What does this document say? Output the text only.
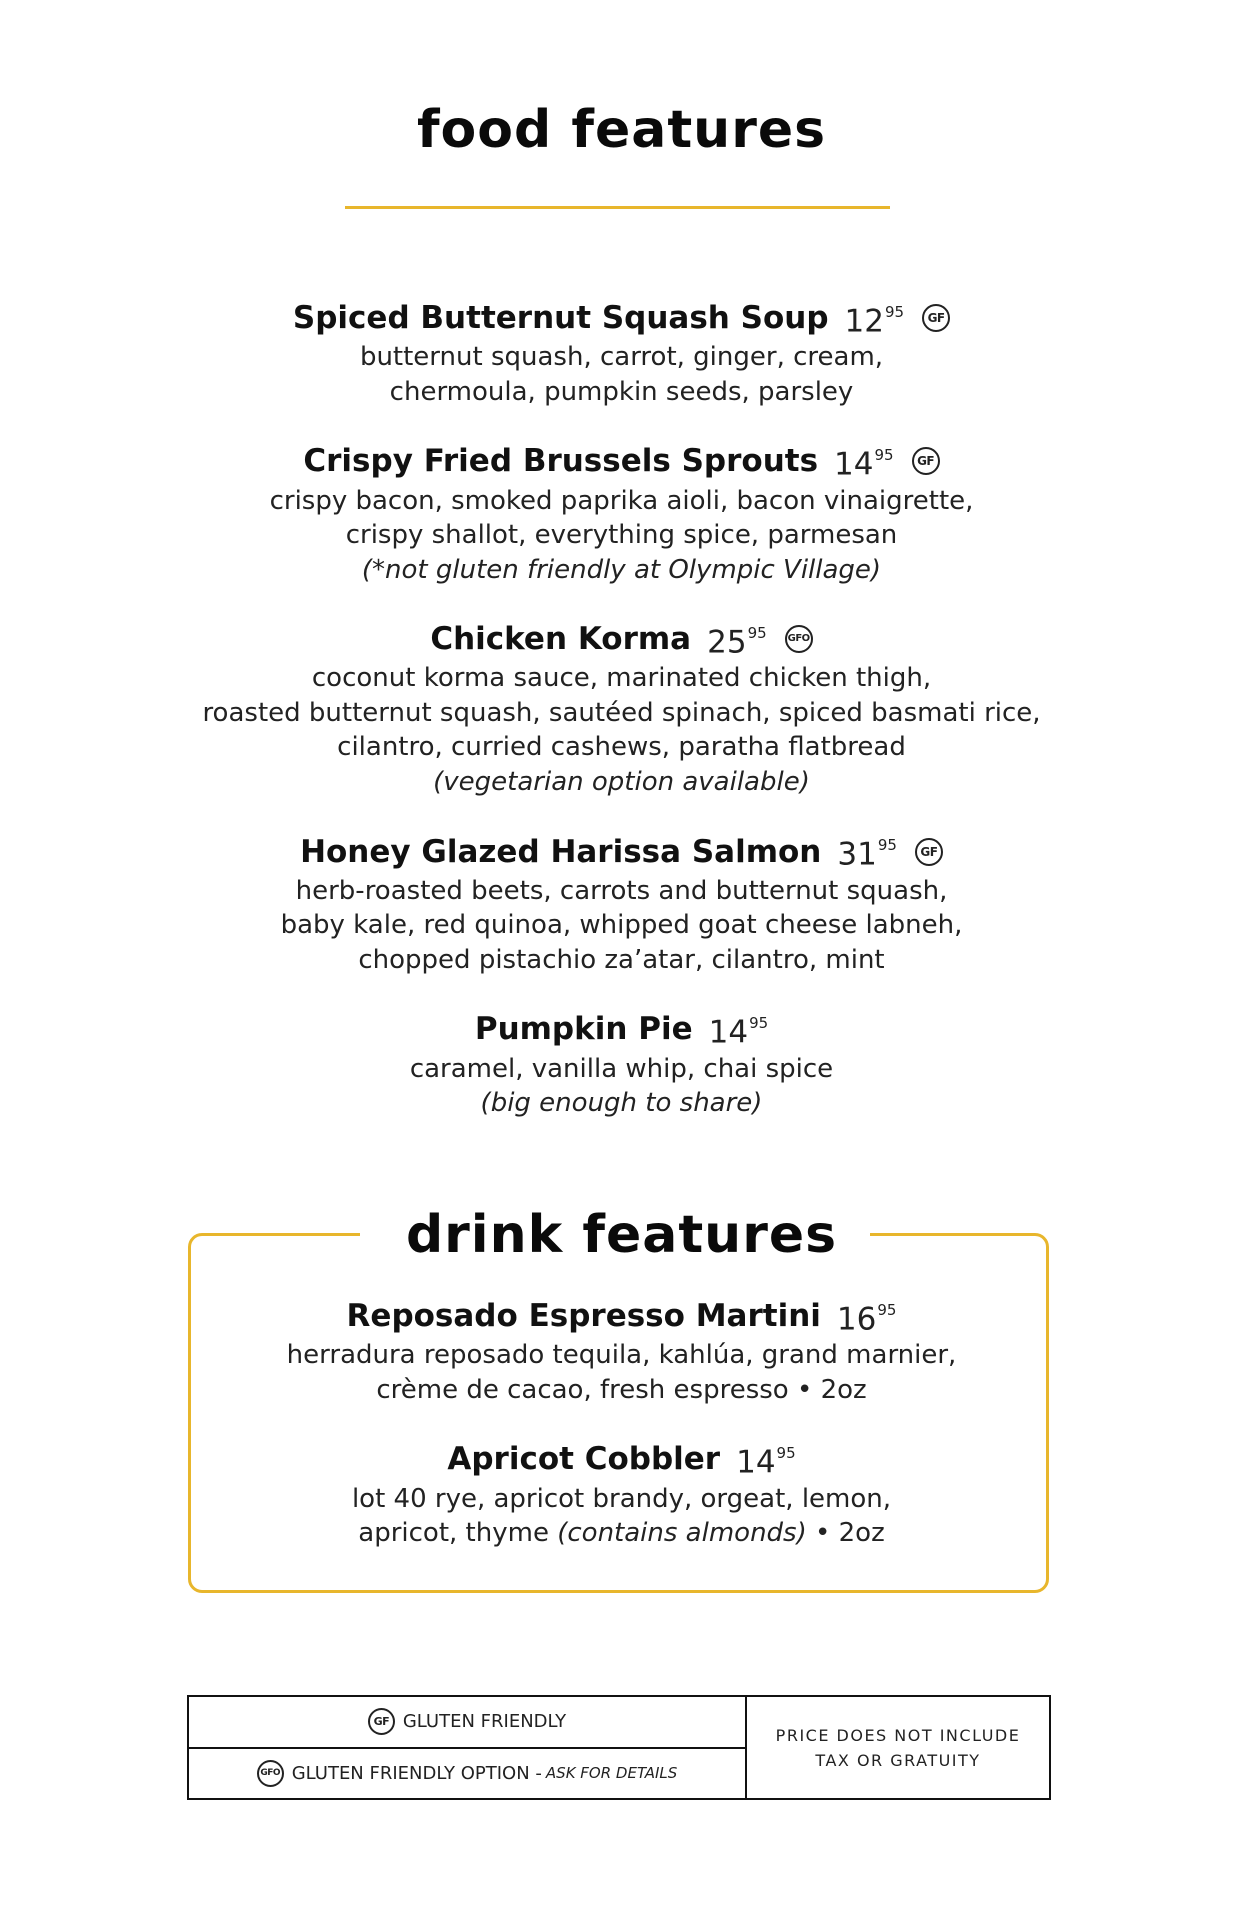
food features
Spiced Butternut Squash Soup $12^{95}$	GF

butternut squash, carrot, ginger, cream,

chermoula, pumpkin seeds, parsley

Crispy Fried Brussels Sprouts $14^{95}$	GF

crispy bacon, smoked paprika aioli, bacon vinaigrette,

crispy shallot, everything spice, parmesan

(*not gluten friendly at Olympic Village)

Chicken Korma $25^{95}$ GFO

coconut korma sauce, marinated chicken thigh,

roasted butternut squash, sautéed spinach, spiced basmati rice,

cilantro, curried cashews, paratha flatbread

(vegetarian option available)

Honey Glazed Harissa Salmon $31^{95}$	GF

herb-roasted beets, carrots and butternut squash,

baby kale, red quinoa, whipped goat cheese labneh,

chopped pistachio za’atar, cilantro, mint

Pumpkin Pie $14^{95}$

caramel, vanilla whip, chai spice

(big enough to share)

drink features
Reposado Espresso Martini $16^{95}$

herradura reposado tequila, kahlúa, grand marnier,

crème de cacao, fresh espresso • 2oz

Apricot Cobbler $14^{95}$

lot 40 rye, apricot brandy, orgeat, lemon,

apricot, thyme (contains almonds) • 2oz

GF GLUTEN FRIENDLY
GFO GLUTEN FRIENDLY OPTION - ASK FOR DETAILS
PRICE DOES NOT INCLUDE
TAX OR GRATUITY
